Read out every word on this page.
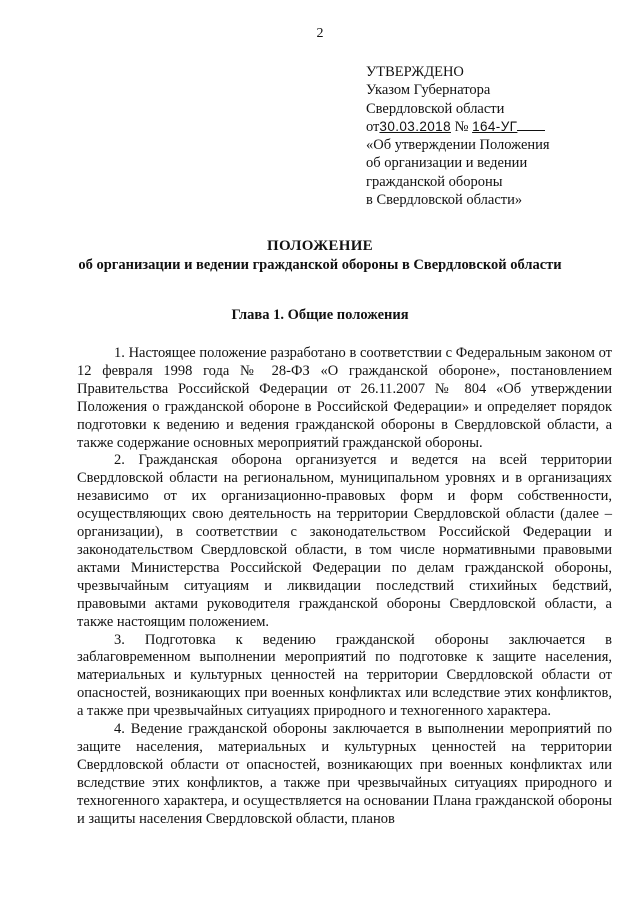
2
УТВЕРЖДЕНО
Указом Губернатора
Свердловской области
от30.03.2018 № 164-УГ
«Об утверждении Положения
об организации и ведении
гражданской обороны
в Свердловской области»
ПОЛОЖЕНИЕ
об организации и ведении гражданской обороны в Свердловской области
Глава 1. Общие положения

1. Настоящее положение разработано в соответствии с Федеральным законом от 12 февраля 1998 года № 28-ФЗ «О гражданской обороне», постановлением Правительства Российской Федерации от 26.11.2007 № 804 «Об утверждении Положения о гражданской обороне в Российской Федерации» и определяет порядок подготовки к ведению и ведения гражданской обороны в Свердловской области, а также содержание основных мероприятий гражданской обороны.

2. Гражданская оборона организуется и ведется на всей территории Свердловской области на региональном, муниципальном уровнях и в организациях независимо от их организационно-правовых форм и форм собственности, осуществляющих свою деятельность на территории Свердловской области (далее – организации), в соответствии с законодательством Российской Федерации и законодательством Свердловской области, в том числе нормативными правовыми актами Министерства Российской Федерации по делам гражданской обороны, чрезвычайным ситуациям и ликвидации последствий стихийных бедствий, правовыми актами руководителя гражданской обороны Свердловской области, а также настоящим положением.

3. Подготовка к ведению гражданской обороны заключается в заблаговременном выполнении мероприятий по подготовке к защите населения, материальных и культурных ценностей на территории Свердловской области от опасностей, возникающих при военных конфликтах или вследствие этих конфликтов, а также при чрезвычайных ситуациях природного и техногенного характера.

4. Ведение гражданской обороны заключается в выполнении мероприятий по защите населения, материальных и культурных ценностей на территории Свердловской области от опасностей, возникающих при военных конфликтах или вследствие этих конфликтов, а также при чрезвычайных ситуациях природного и техногенного характера, и осуществляется на основании Плана гражданской обороны и защиты населения Свердловской области, планов
